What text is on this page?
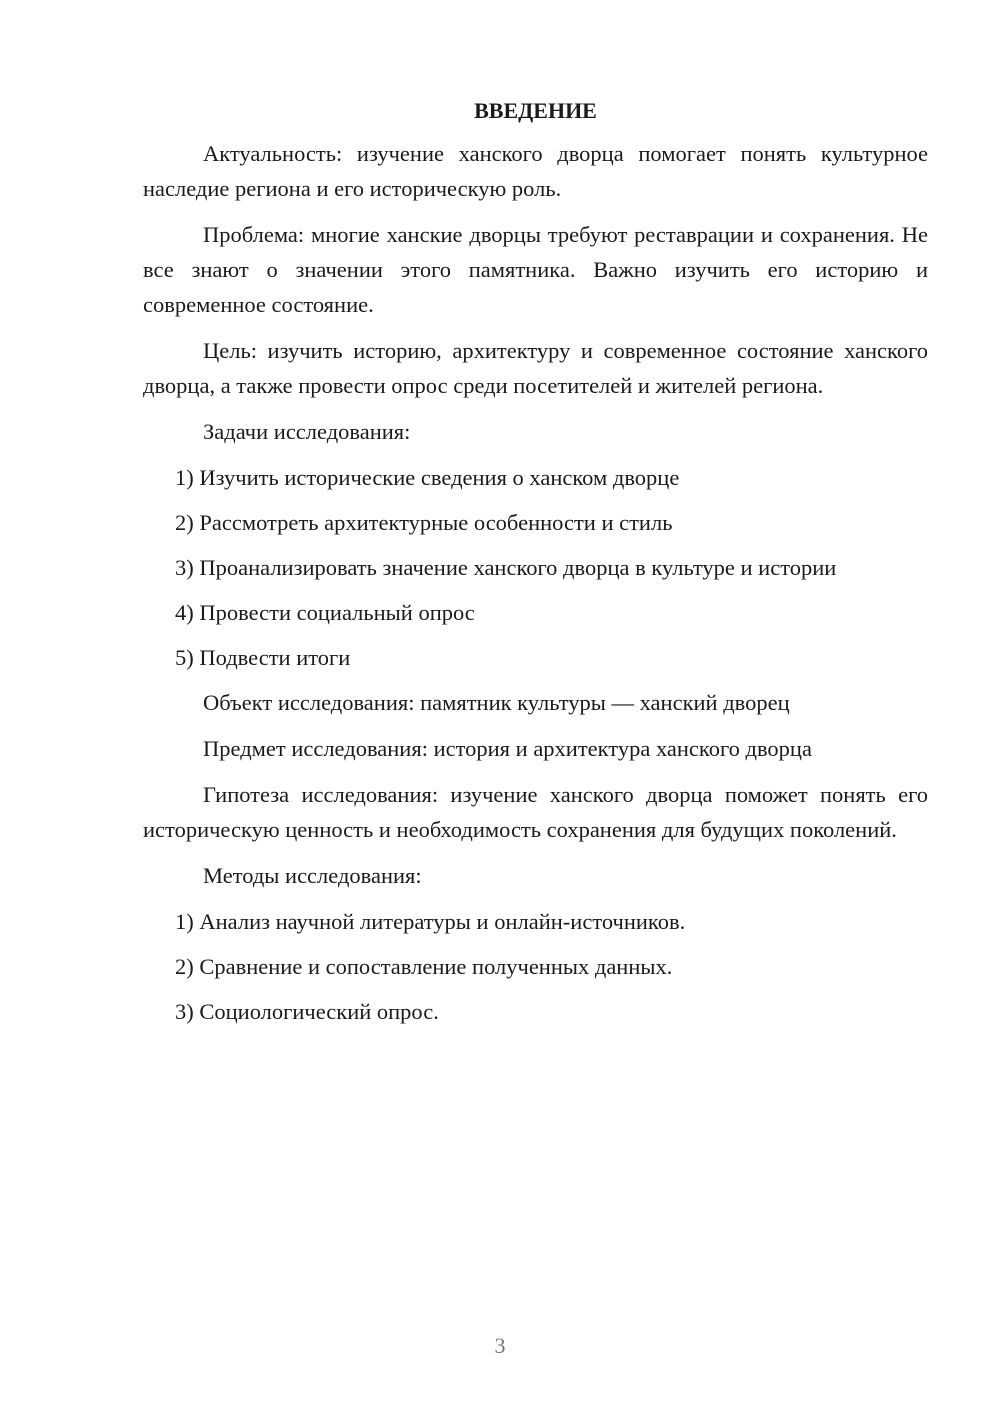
ВВЕДЕНИЕ

Актуальность: изучение ханского дворца помогает понять культурное наследие региона и его историческую роль.

Проблема: многие ханские дворцы требуют реставрации и сохранения. Не все знают о значении этого памятника. Важно изучить его историю и современное состояние.

Цель: изучить историю, архитектуру и современное состояние ханского дворца, а также провести опрос среди посетителей и жителей региона.

Задачи исследования:

1) Изучить исторические сведения о ханском дворце

2) Рассмотреть архитектурные особенности и стиль

3) Проанализировать значение ханского дворца в культуре и истории

4) Провести социальный опрос

5) Подвести итоги

Объект исследования: памятник культуры — ханский дворец

Предмет исследования: история и архитектура ханского дворца

Гипотеза исследования: изучение ханского дворца поможет понять его историческую ценность и необходимость сохранения для будущих поколений.

Методы исследования:

1) Анализ научной литературы и онлайн-источников.

2) Сравнение и сопоставление полученных данных.

3) Социологический опрос.

3
